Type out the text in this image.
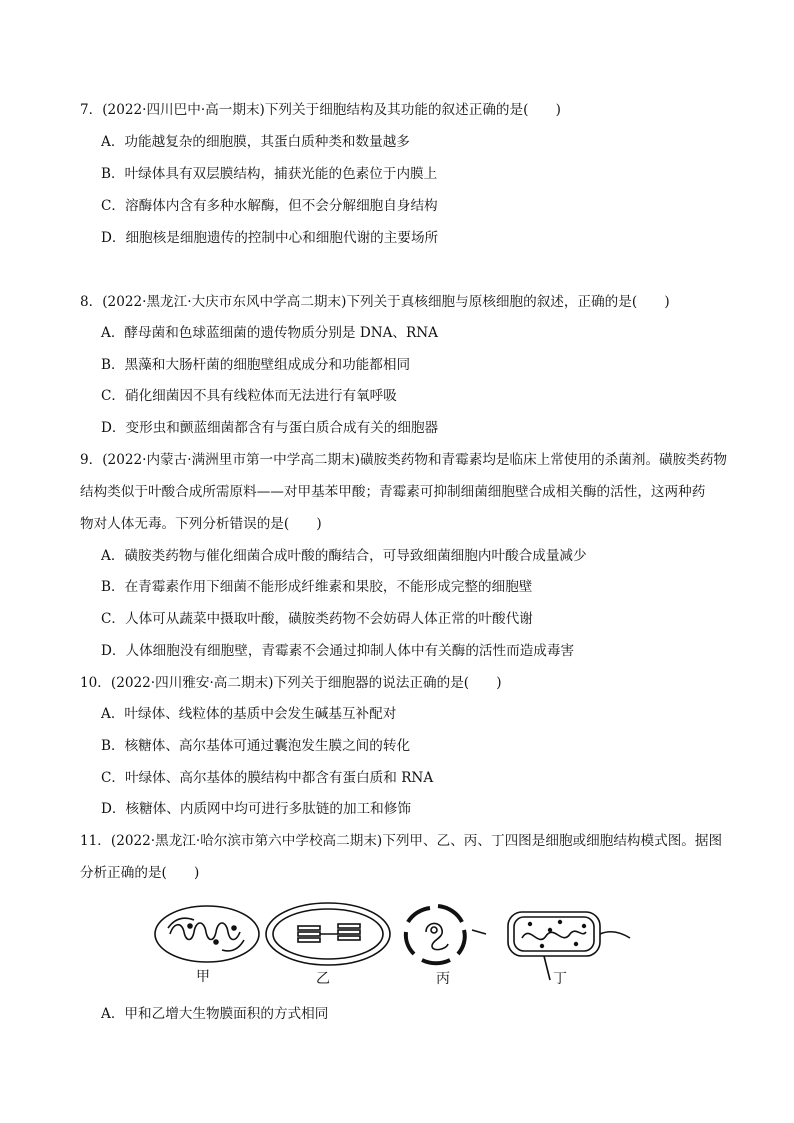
7．(2022·四川巴中·高一期末)下列关于细胞结构及其功能的叙述正确的是(　　)
A．功能越复杂的细胞膜，其蛋白质种类和数量越多
B．叶绿体具有双层膜结构，捕获光能的色素位于内膜上
C．溶酶体内含有多种水解酶，但不会分解细胞自身结构
D．细胞核是细胞遗传的控制中心和细胞代谢的主要场所
8．(2022·黑龙江·大庆市东风中学高二期末)下列关于真核细胞与原核细胞的叙述，正确的是(　　)
A．酵母菌和色球蓝细菌的遗传物质分别是 DNA、RNA
B．黑藻和大肠杆菌的细胞壁组成成分和功能都相同
C．硝化细菌因不具有线粒体而无法进行有氧呼吸
D．变形虫和颤蓝细菌都含有与蛋白质合成有关的细胞器
9．(2022·内蒙古·满洲里市第一中学高二期末)磺胺类药物和青霉素均是临床上常使用的杀菌剂。磺胺类药物
结构类似于叶酸合成所需原料——对甲基苯甲酸；青霉素可抑制细菌细胞壁合成相关酶的活性，这两种药
物对人体无毒。下列分析错误的是(　　)
A．磺胺类药物与催化细菌合成叶酸的酶结合，可导致细菌细胞内叶酸合成量减少
B．在青霉素作用下细菌不能形成纤维素和果胶，不能形成完整的细胞壁
C．人体可从蔬菜中摄取叶酸，磺胺类药物不会妨碍人体正常的叶酸代谢
D．人体细胞没有细胞壁，青霉素不会通过抑制人体中有关酶的活性而造成毒害
10．(2022·四川雅安·高二期末)下列关于细胞器的说法正确的是(　　)
A．叶绿体、线粒体的基质中会发生碱基互补配对
B．核糖体、高尔基体可通过囊泡发生膜之间的转化
C．叶绿体、高尔基体的膜结构中都含有蛋白质和 RNA
D．核糖体、内质网中均可进行多肽链的加工和修饰
11．(2022·黑龙江·哈尔滨市第六中学校高二期末)下列甲、乙、丙、丁四图是细胞或细胞结构模式图。据图
分析正确的是(　　)
甲	乙	丙	丁
A．甲和乙增大生物膜面积的方式相同
